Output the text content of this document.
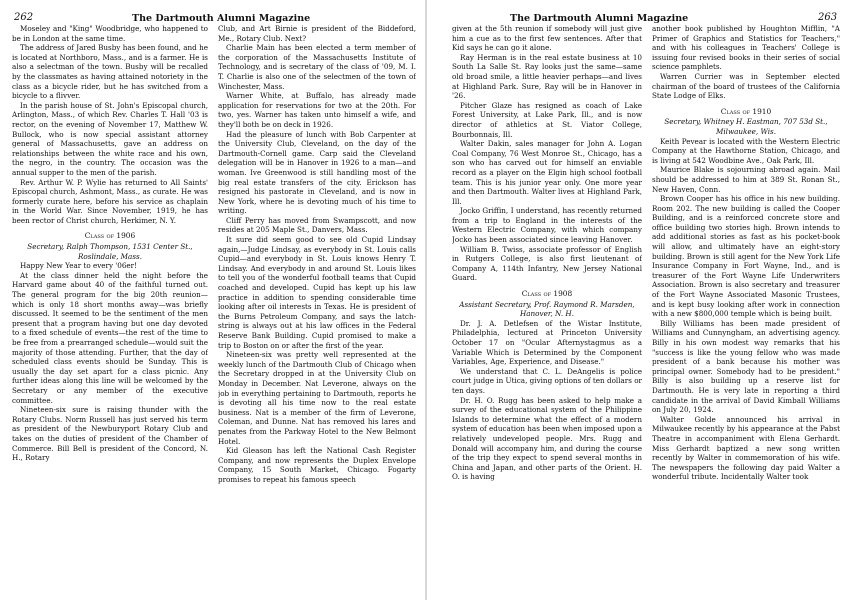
262	The Dartmouth Alumni Magazine

Moseley and "King" Woodbridge, who happened to be in London at the same time.

The address of Jared Busby has been found, and he is located at Northboro, Mass., and is a farmer. He is also a selectman of the town. Busby will be recalled by the classmates as having attained notoriety in the class as a bicycle rider, but he has switched from a bicycle to a flivver.

In the parish house of St. John's Episcopal church, Arlington, Mass., of which Rev. Charles T. Hall '03 is rector, on the evening of November 17, Matthew W. Bullock, who is now special assistant attorney general of Massachusetts, gave an address on relationships between the white race and his own, the negro, in the country. The occasion was the annual supper to the men of the parish.

Rev. Arthur W. P. Wylie has returned to All Saints' Episcopal church, Ashmont, Mass., as curate. He was formerly curate here, before his service as chaplain in the World War. Since November, 1919, he has been rector of Christ church, Herkimer, N. Y.

Class of 1906

Secretary, Ralph Thompson, 1531 Center St., Roslindale, Mass.

Happy New Year to every '06er!

At the class dinner held the night before the Harvard game about 40 of the faithful turned out. The general program for the big 20th reunion—which is only 18 short months away—was briefly discussed. It seemed to be the sentiment of the men present that a program having but one day devoted to a fixed schedule of events—the rest of the time to be free from a prearranged schedule—would suit the majority of those attending. Further, that the day of scheduled class events should be Sunday. This is usually the day set apart for a class picnic. Any further ideas along this line will be welcomed by the Secretary or any member of the executive committee.

Nineteen-six sure is raising thunder with the Rotary Clubs. Norm Russell has just served his term as president of the Newburyport Rotary Club and takes on the duties of president of the Chamber of Commerce. Bill Bell is president of the Concord, N. H., Rotary

Club, and Art Birnie is president of the Biddeford, Me., Rotary Club. Next?

Charlie Main has been elected a term member of the corporation of the Massachusetts Institute of Technology, and is secretary of the class of '09, M. I. T. Charlie is also one of the selectmen of the town of Winchester, Mass.

Warner White, at Buffalo, has already made application for reservations for two at the 20th. For two, yes. Warner has taken unto himself a wife, and they'll both be on deck in 1926.

Had the pleasure of lunch with Bob Carpenter at the University Club, Cleveland, on the day of the Dartmouth-Cornell game. Carp said the Cleveland delegation will be in Hanover in 1926 to a man—and woman. Ive Greenwood is still handling most of the big real estate transfers of the city. Erickson has resigned his pastorate in Cleveland, and is now in New York, where he is devoting much of his time to writing.

Cliff Perry has moved from Swampscott, and now resides at 205 Maple St., Danvers, Mass.

It sure did seem good to see old Cupid Lindsay again,—Judge Lindsay, as everybody in St. Louis calls Cupid—and everybody in St. Louis knows Henry T. Lindsay. And everybody in and around St. Louis likes to tell you of the wonderful football teams that Cupid coached and developed. Cupid has kept up his law practice in addition to spending considerable time looking after oil interests in Texas. He is president of the Burns Petroleum Company, and says the latch-string is always out at his law offices in the Federal Reserve Bank Building. Cupid promised to make a trip to Boston on or after the first of the year.

Nineteen-six was pretty well represented at the weekly lunch of the Dartmouth Club of Chicago when the Secretary dropped in at the University Club on Monday in December. Nat Leverone, always on the job in everything pertaining to Dartmouth, reports he is devoting all his time now to the real estate business. Nat is a member of the firm of Leverone, Coleman, and Dunne. Nat has removed his lares and penates from the Parkway Hotel to the New Belmont Hotel.

Kid Gleason has left the National Cash Register Company, and now represents the Duplex Envelope Company, 15 South Market, Chicago. Fogarty promises to repeat his famous speech

The Dartmouth Alumni Magazine	263

given at the 5th reunion if somebody will just give him a cue as to the first few sentences. After that Kid says he can go it alone.

Ray Herman is in the real estate business at 10 South La Salle St. Ray looks just the same—same old broad smile, a little heavier perhaps—and lives at Highland Park. Sure, Ray will be in Hanover in '26.

Pitcher Glaze has resigned as coach of Lake Forest University, at Lake Park, Ill., and is now director of athletics at St. Viator College, Bourbonnais, Ill.

Walter Dakin, sales manager for John A. Logan Coal Company, 76 West Monroe St., Chicago, has a son who has carved out for himself an enviable record as a player on the Elgin high school football team. This is his junior year only. One more year and then Dartmouth. Walter lives at Highland Park, Ill.

Jocko Griffin, I understand, has recently returned from a trip to England in the interests of the Western Electric Company, with which company Jocko has been associated since leaving Hanover.

William B. Twiss, associate professor of English in Rutgers College, is also first lieutenant of Company A, 114th Infantry, New Jersey National Guard.

Class of 1908

Assistant Secretary, Prof. Raymond R. Marsden, Hanover, N. H.

Dr. J. A. Detlefsen of the Wistar Institute, Philadelphia, lectured at Princeton University October 17 on "Ocular Afternystagmus as a Variable Which is Determined by the Component Variables, Age, Experience, and Disease."

We understand that C. L. DeAngelis is police court judge in Utica, giving options of ten dollars or ten days.

Dr. H. O. Rugg has been asked to help make a survey of the educational system of the Philippine Islands to determine what the effect of a modern system of education has been when imposed upon a relatively undeveloped people. Mrs. Rugg and Donald will accompany him, and during the course of the trip they expect to spend several months in China and Japan, and other parts of the Orient. H. O. is having

another book published by Houghton Mifflin, "A Primer of Graphics and Statistics for Teachers," and with his colleagues in Teachers' College is issuing four revised books in their series of social science pamphlets.

Warren Currier was in September elected chairman of the board of trustees of the California State Lodge of Elks.

Class of 1910

Secretary, Whitney H. Eastman, 707 53d St., Milwaukee, Wis.

Keith Pevear is located with the Western Electric Company at the Hawthorne Station, Chicago, and is living at 542 Woodbine Ave., Oak Park, Ill.

Maurice Blake is sojourning abroad again. Mail should be addressed to him at 389 St. Ronan St., New Haven, Conn.

Brown Cooper has his office in his new building. Room 202. The new building is called the Cooper Building, and is a reinforced concrete store and office building two stories high. Brown intends to add additional stories as fast as his pocket-book will allow, and ultimately have an eight-story building. Brown is still agent for the New York Life Insurance Company in Fort Wayne, Ind., and is treasurer of the Fort Wayne Life Underwriters Association. Brown is also secretary and treasurer of the Fort Wayne Associated Masonic Trustees, and is kept busy looking after work in connection with a new $800,000 temple which is being built.

Billy Williams has been made president of Williams and Cunnyngham, an advertising agency. Billy in his own modest way remarks that his "success is like the young fellow who was made president of a bank because his mother was principal owner. Somebody had to be president." Billy is also building up a reserve list for Dartmouth. He is very late in reporting a third candidate in the arrival of David Kimball Williams on July 20, 1924.

Walter Golde announced his arrival in Milwaukee recently by his appearance at the Pabst Theatre in accompaniment with Elena Gerhardt. Miss Gerhardt baptized a new song written recently by Walter in commemoration of his wife. The newspapers the following day paid Walter a wonderful tribute. Incidentally Walter took
